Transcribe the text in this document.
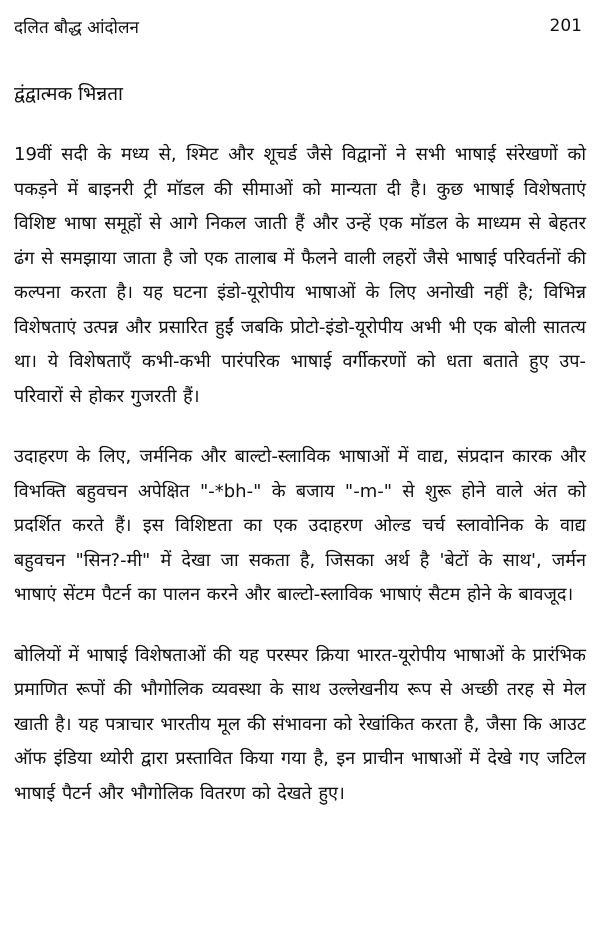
दलित बौद्ध आंदोलन	201
द्वंद्वात्मक भिन्नता

19वीं सदी के मध्य से, श्मिट और शूचर्ड जैसे विद्वानों ने सभी भाषाई संरेखणों को पकड़ने में बाइनरी ट्री मॉडल की सीमाओं को मान्यता दी है। कुछ भाषाई विशेषताएं विशिष्ट भाषा समूहों से आगे निकल जाती हैं और उन्हें एक मॉडल के माध्यम से बेहतर ढंग से समझाया जाता है जो एक तालाब में फैलने वाली लहरों जैसे भाषाई परिवर्तनों की कल्पना करता है। यह घटना इंडो-यूरोपीय भाषाओं के लिए अनोखी नहीं है; विभिन्न विशेषताएं उत्पन्न और प्रसारित हुईं जबकि प्रोटो-इंडो-यूरोपीय अभी भी एक बोली सातत्य था। ये विशेषताएँ कभी-कभी पारंपरिक भाषाई वर्गीकरणों को धता बताते हुए उप-परिवारों से होकर गुजरती हैं।

उदाहरण के लिए, जर्मनिक और बाल्टो-स्लाविक भाषाओं में वाद्य, संप्रदान कारक और विभक्ति बहुवचन अपेक्षित "-*bh-" के बजाय "-m-" से शुरू होने वाले अंत को प्रदर्शित करते हैं। इस विशिष्टता का एक उदाहरण ओल्ड चर्च स्लावोनिक के वाद्य बहुवचन "सिन?-मी" में देखा जा सकता है, जिसका अर्थ है 'बेटों के साथ', जर्मन भाषाएं सेंटम पैटर्न का पालन करने और बाल्टो-स्लाविक भाषाएं सैटम होने के बावजूद।

बोलियों में भाषाई विशेषताओं की यह परस्पर क्रिया भारत-यूरोपीय भाषाओं के प्रारंभिक प्रमाणित रूपों की भौगोलिक व्यवस्था के साथ उल्लेखनीय रूप से अच्छी तरह से मेल खाती है। यह पत्राचार भारतीय मूल की संभावना को रेखांकित करता है, जैसा कि आउट ऑफ इंडिया थ्योरी द्वारा प्रस्तावित किया गया है, इन प्राचीन भाषाओं में देखे गए जटिल भाषाई पैटर्न और भौगोलिक वितरण को देखते हुए।
